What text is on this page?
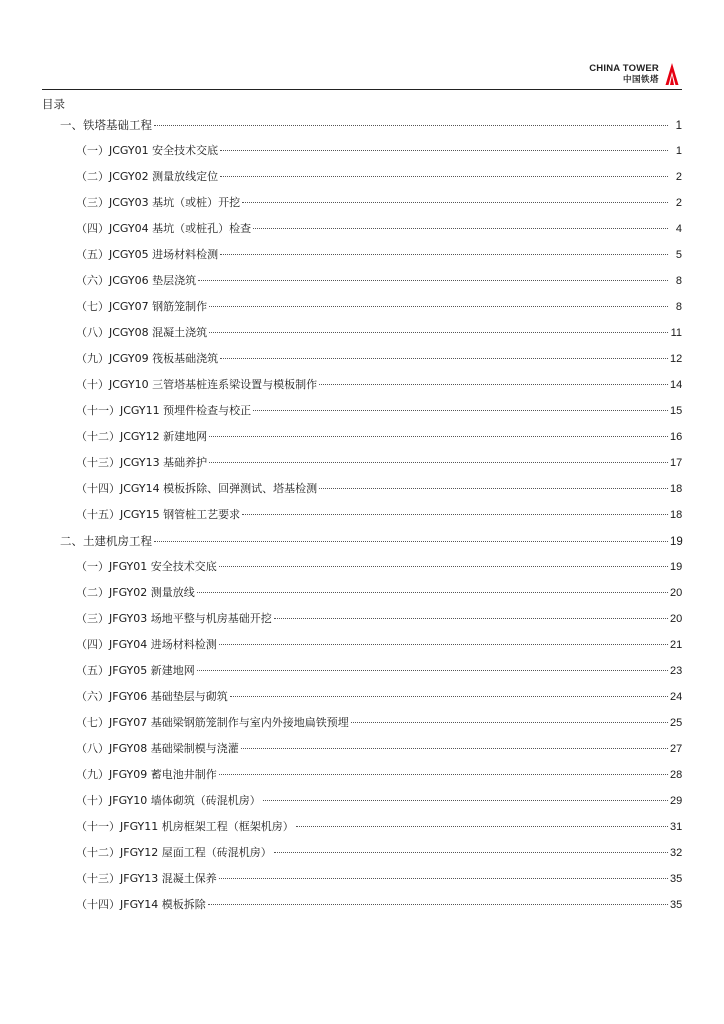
CHINA TOWER
中国铁塔
目录
一、铁塔基础工程	1
（一）JCGY01 安全技术交底	1
（二）JCGY02 测量放线定位	2
（三）JCGY03 基坑（或桩）开挖	2
（四）JCGY04 基坑（或桩孔）检查	4
（五）JCGY05 进场材料检测	5
（六）JCGY06 垫层浇筑	8
（七）JCGY07 钢筋笼制作	8
（八）JCGY08 混凝土浇筑	11
（九）JCGY09 筏板基础浇筑	12
（十）JCGY10 三管塔基桩连系梁设置与模板制作	14
（十一）JCGY11 预埋件检查与校正	15
（十二）JCGY12 新建地网	16
（十三）JCGY13 基础养护	17
（十四）JCGY14 模板拆除、回弹测试、塔基检测	18
（十五）JCGY15 钢管桩工艺要求	18
二、土建机房工程	19
（一）JFGY01 安全技术交底	19
（二）JFGY02 测量放线	20
（三）JFGY03 场地平整与机房基础开挖	20
（四）JFGY04 进场材料检测	21
（五）JFGY05 新建地网	23
（六）JFGY06 基础垫层与砌筑	24
（七）JFGY07 基础梁钢筋笼制作与室内外接地扁铁预埋	25
（八）JFGY08 基础梁制模与浇灌	27
（九）JFGY09 蓄电池井制作	28
（十）JFGY10 墙体砌筑（砖混机房）	29
（十一）JFGY11 机房框架工程（框架机房）	31
（十二）JFGY12 屋面工程（砖混机房）	32
（十三）JFGY13 混凝土保养	35
（十四）JFGY14 模板拆除	35
